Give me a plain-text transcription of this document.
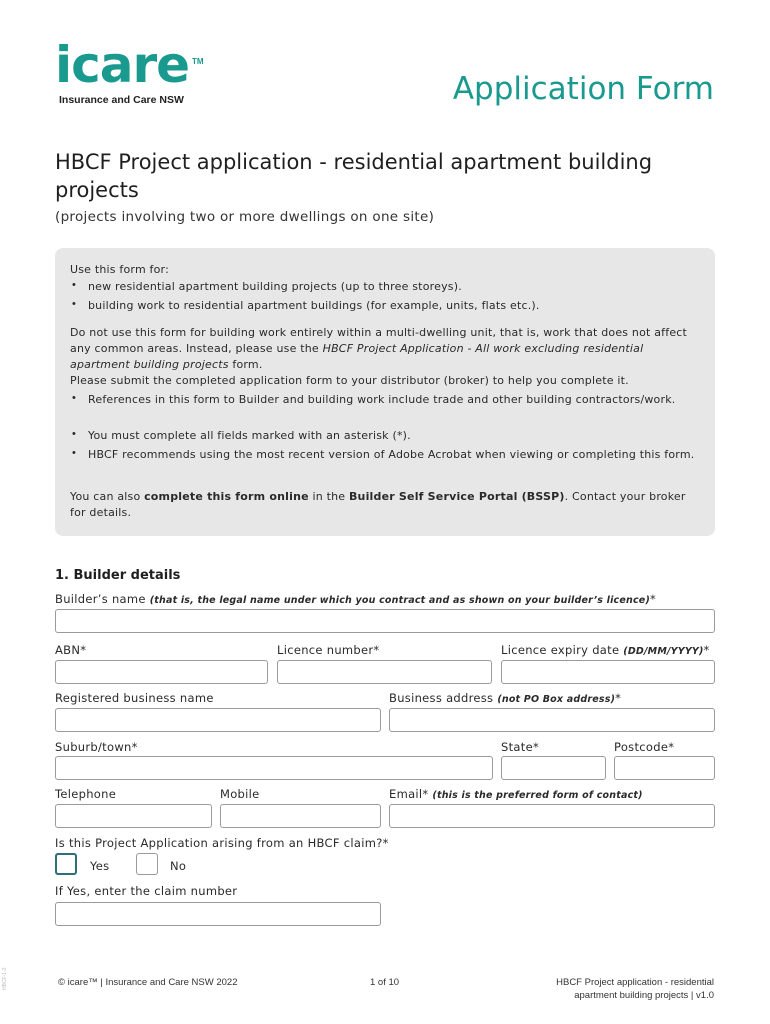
icare TM
Insurance and Care NSW	Application Form
HBCF Project application - residential apartment building projects
(projects involving two or more dwellings on one site)
Use this form for:
• new residential apartment building projects (up to three storeys).
• building work to residential apartment buildings (for example, units, flats etc.).
Do not use this form for building work entirely within a multi-dwelling unit, that is, work that does not affect any common areas. Instead, please use the HBCF Project Application - All work excluding residential apartment building projects form.
Please submit the completed application form to your distributor (broker) to help you complete it.
• References in this form to Builder and building work include trade and other building contractors/work.
• You must complete all fields marked with an asterisk (*).
• HBCF recommends using the most recent version of Adobe Acrobat when viewing or completing this form.
You can also complete this form online in the Builder Self Service Portal (BSSP). Contact your broker for details.
1. Builder details
Builder’s name (that is, the legal name under which you contract and as shown on your builder’s licence)*
ABN*	Licence number*	Licence expiry date (DD/MM/YYYY)*
Registered business name	Business address (not PO Box address)*
Suburb/town*	State*	Postcode*
Telephone	Mobile	Email* (this is the preferred form of contact)
Is this Project Application arising from an HBCF claim?*
Yes	No
If Yes, enter the claim number
© icare™ | Insurance and Care NSW 2022	1 of 10	HBCF Project application - residential
apartment building projects | v1.0
HBCF-1-2
